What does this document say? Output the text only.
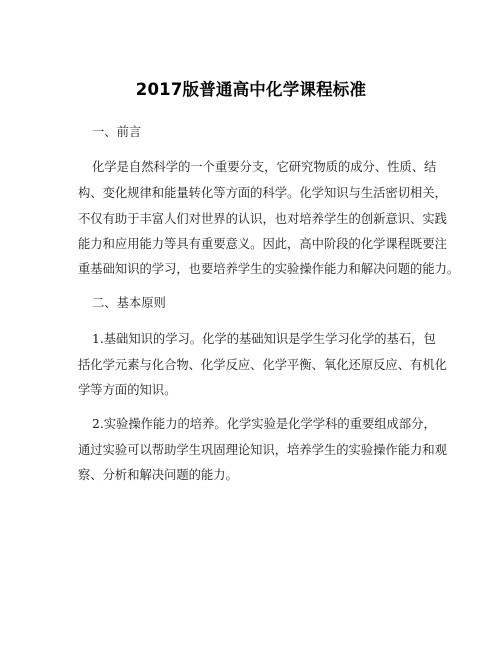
2017版普通高中化学课程标准
一、前言
化学是自然科学的一个重要分支，它研究物质的成分、性质、结
构、变化规律和能量转化等方面的科学。化学知识与生活密切相关，
不仅有助于丰富人们对世界的认识，也对培养学生的创新意识、实践
能力和应用能力等具有重要意义。因此，高中阶段的化学课程既要注
重基础知识的学习，也要培养学生的实验操作能力和解决问题的能力。
二、基本原则
1.基础知识的学习。化学的基础知识是学生学习化学的基石，包
括化学元素与化合物、化学反应、化学平衡、氧化还原反应、有机化
学等方面的知识。
2.实验操作能力的培养。化学实验是化学学科的重要组成部分，
通过实验可以帮助学生巩固理论知识，培养学生的实验操作能力和观
察、分析和解决问题的能力。
